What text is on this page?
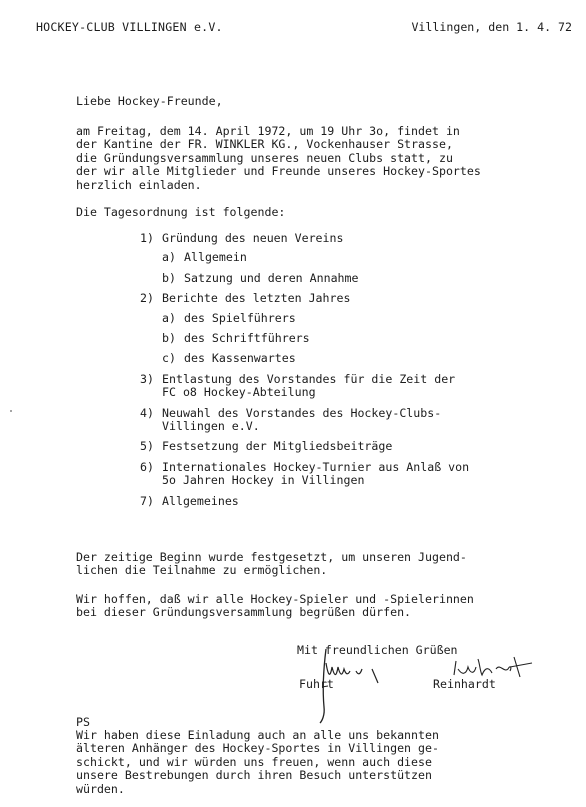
HOCKEY-CLUB VILLINGEN e.V.	Villingen, den 1. 4. 72
Liebe Hockey-Freunde,
am Freitag, dem 14. April 1972, um 19 Uhr 3o, findet in
der Kantine der FR. WINKLER KG., Vockenhauser Strasse,
die Gründungsversammlung unseres neuen Clubs statt, zu
der wir alle Mitglieder und Freunde unseres Hockey-Sportes
herzlich einladen.
Die Tagesordnung ist folgende:
1) Gründung des neuen Vereins
a) Allgemein
b) Satzung und deren Annahme
2) Berichte des letzten Jahres
a) des Spielführers
b) des Schriftführers
c) des Kassenwartes
3) Entlastung des Vorstandes für die Zeit der
FC o8 Hockey-Abteilung
4) Neuwahl des Vorstandes des Hockey-Clubs-
Villingen e.V.
5) Festsetzung der Mitgliedsbeiträge
6) Internationales Hockey-Turnier aus Anlaß von
5o Jahren Hockey in Villingen
7) Allgemeines
Der zeitige Beginn wurde festgesetzt, um unseren Jugend-
lichen die Teilnahme zu ermöglichen.
Wir hoffen, daß wir alle Hockey-Spieler und -Spielerinnen
bei dieser Gründungsversammlung begrüßen dürfen.
Mit freundlichen Grüßen
Fuhrt	Reinhardt
PS
Wir haben diese Einladung auch an alle uns bekannten
älteren Anhänger des Hockey-Sportes in Villingen ge-
schickt, und wir würden uns freuen, wenn auch diese
unsere Bestrebungen durch ihren Besuch unterstützen
würden.
